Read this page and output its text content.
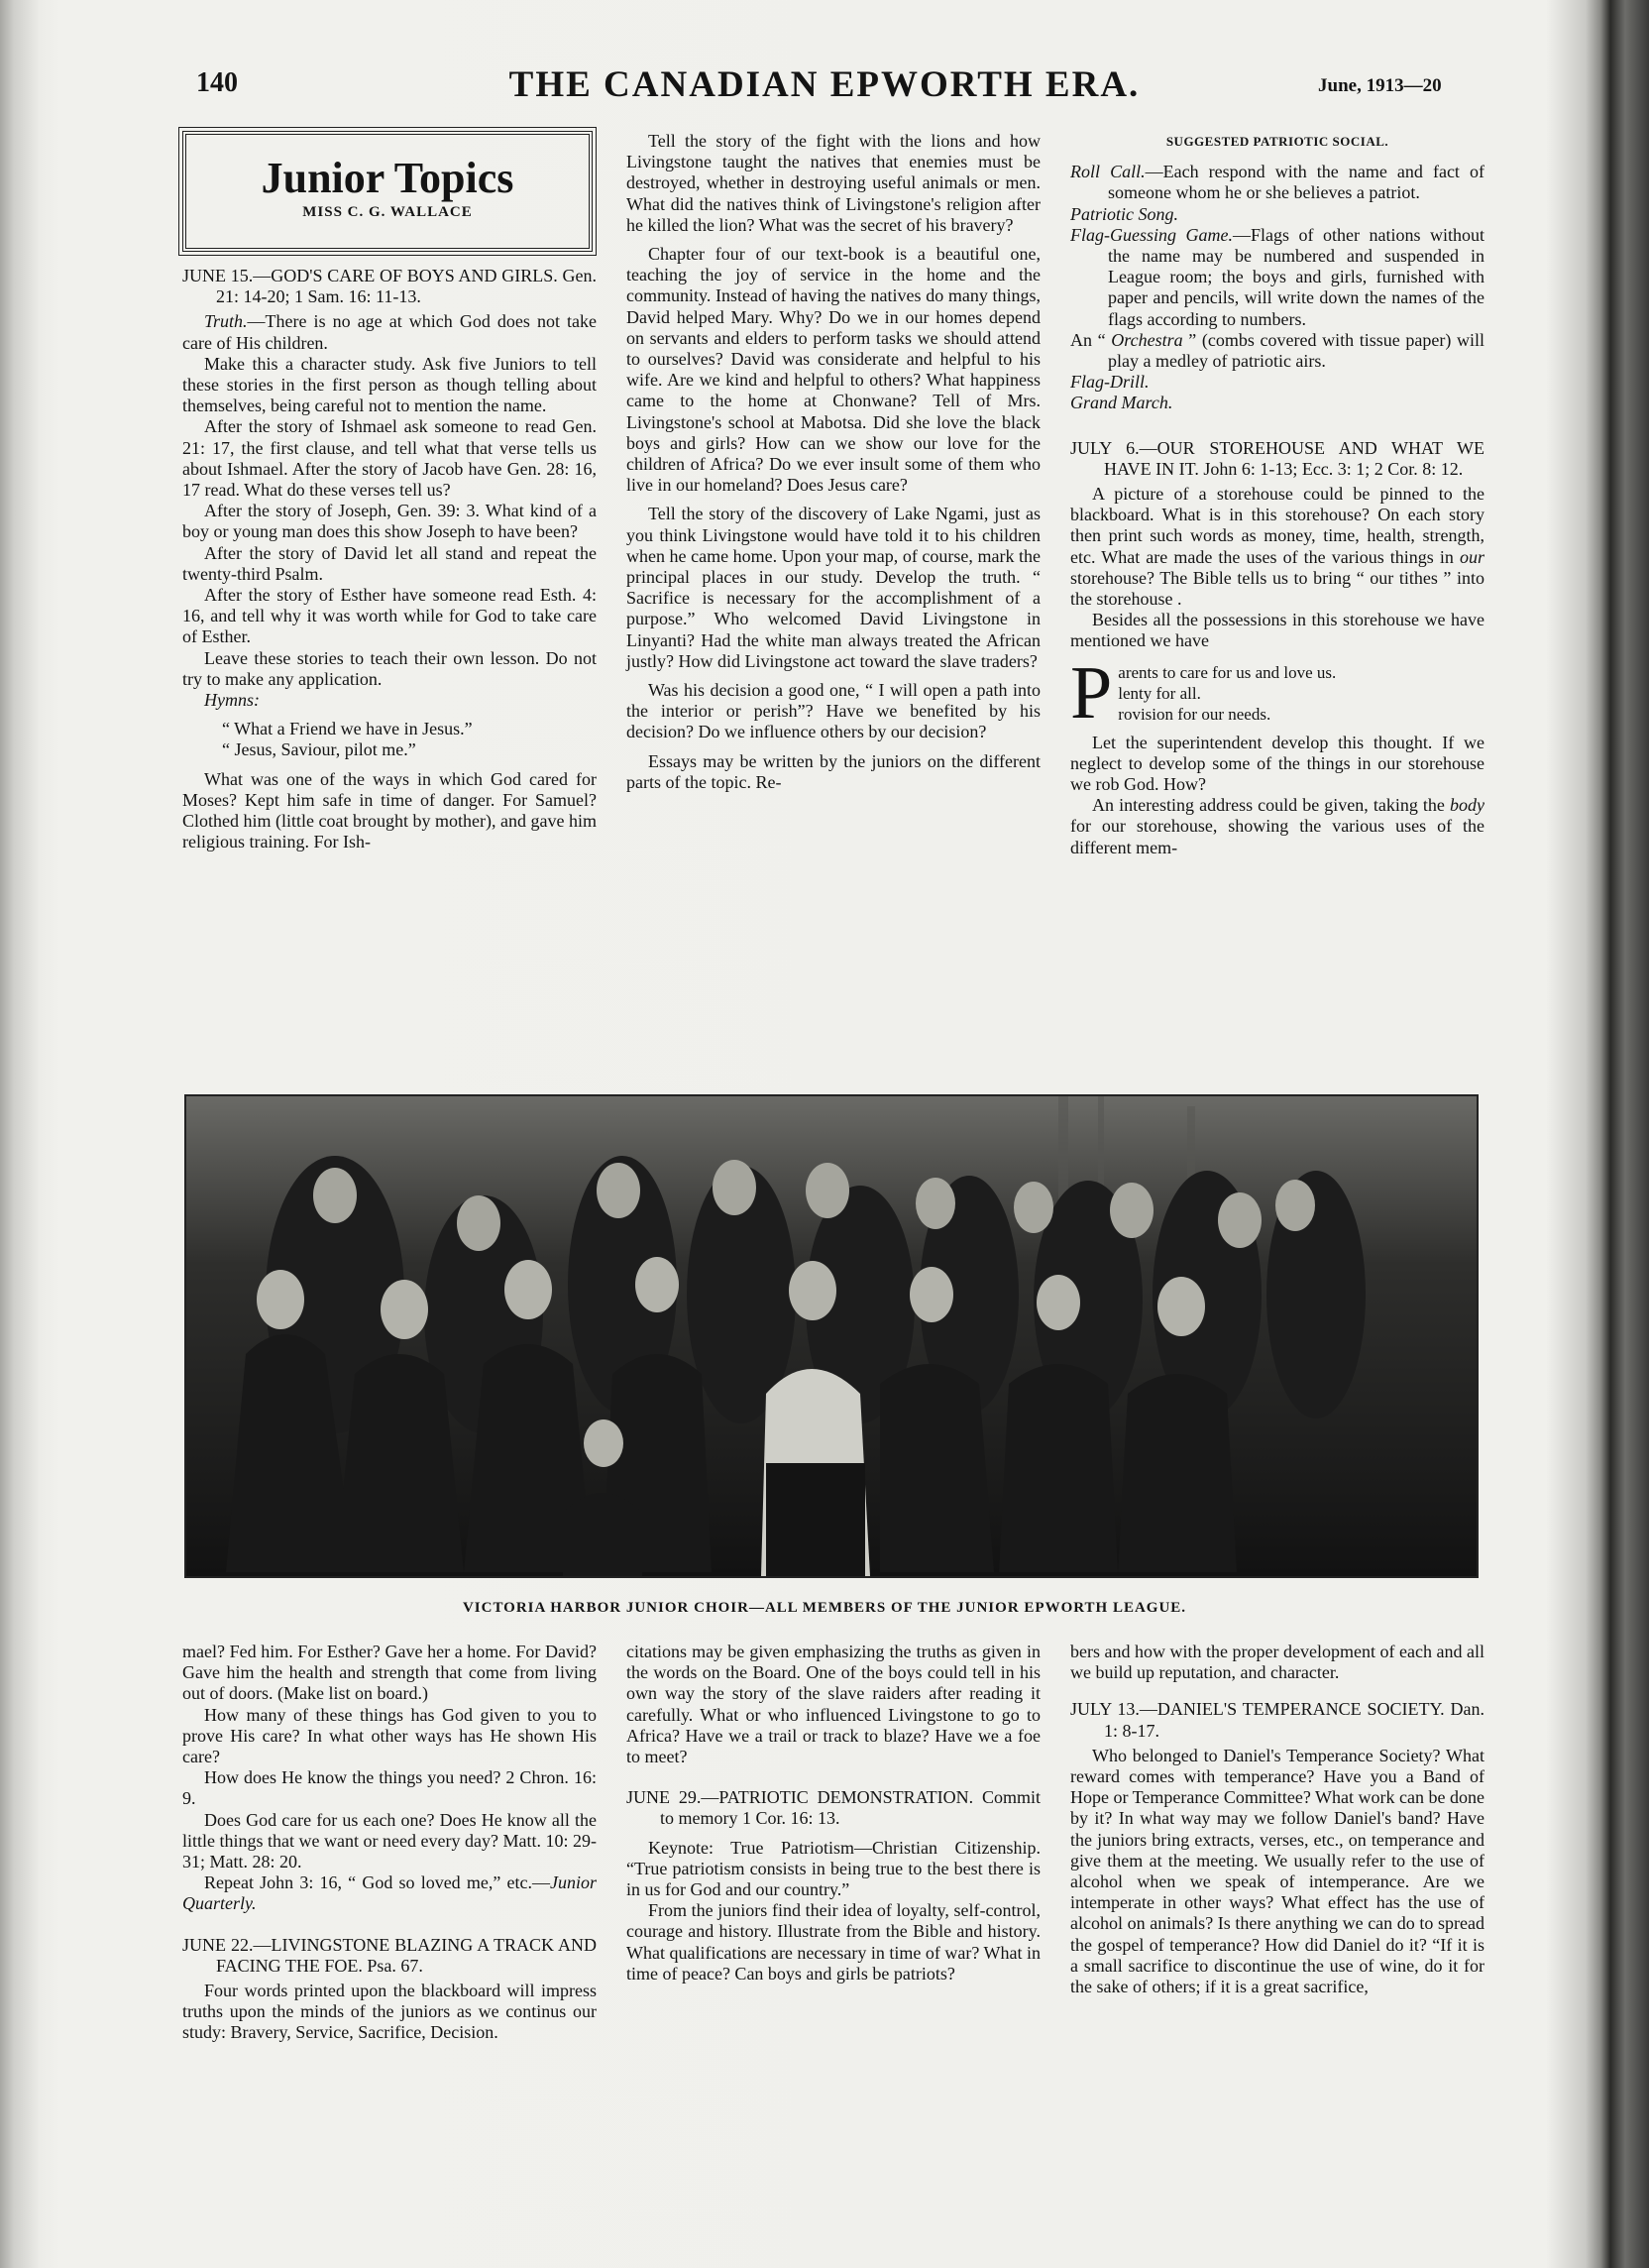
140	THE CANADIAN EPWORTH ERA.	June, 1913—20
Junior Topics
MISS C. G. WALLACE

JUNE 15.—GOD'S CARE OF BOYS AND GIRLS. Gen. 21: 14-20; 1 Sam. 16: 11-13.

Truth.—There is no age at which God does not take care of His children.

Make this a character study. Ask five Juniors to tell these stories in the first person as though telling about themselves, being careful not to mention the name.

After the story of Ishmael ask someone to read Gen. 21: 17, the first clause, and tell what that verse tells us about Ishmael. After the story of Jacob have Gen. 28: 16, 17 read. What do these verses tell us?

After the story of Joseph, Gen. 39: 3. What kind of a boy or young man does this show Joseph to have been?

After the story of David let all stand and repeat the twenty-third Psalm.

After the story of Esther have someone read Esth. 4: 16, and tell why it was worth while for God to take care of Esther.

Leave these stories to teach their own lesson. Do not try to make any application.

Hymns:

“ What a Friend we have in Jesus.”

“ Jesus, Saviour, pilot me.”

What was one of the ways in which God cared for Moses? Kept him safe in time of danger. For Samuel? Clothed him (little coat brought by mother), and gave him religious training. For Ish-

Tell the story of the fight with the lions and how Livingstone taught the natives that enemies must be destroyed, whether in destroying useful animals or men. What did the natives think of Livingstone's religion after he killed the lion? What was the secret of his bravery?

Chapter four of our text-book is a beautiful one, teaching the joy of service in the home and the community. Instead of having the natives do many things, David helped Mary. Why? Do we in our homes depend on servants and elders to perform tasks we should attend to ourselves? David was considerate and helpful to his wife. Are we kind and helpful to others? What happiness came to the home at Chonwane? Tell of Mrs. Livingstone's school at Mabotsa. Did she love the black boys and girls? How can we show our love for the children of Africa? Do we ever insult some of them who live in our homeland? Does Jesus care?

Tell the story of the discovery of Lake Ngami, just as you think Livingstone would have told it to his children when he came home. Upon your map, of course, mark the principal places in our study. Develop the truth. “ Sacrifice is necessary for the accomplishment of a purpose.” Who welcomed David Livingstone in Linyanti? Had the white man always treated the African justly? How did Livingstone act toward the slave traders?

Was his decision a good one, “ I will open a path into the interior or perish”? Have we benefited by his decision? Do we influence others by our decision?

Essays may be written by the juniors on the different parts of the topic. Re-

SUGGESTED PATRIOTIC SOCIAL.

Roll Call.—Each respond with the name and fact of someone whom he or she believes a patriot.

Patriotic Song.

Flag-Guessing Game.—Flags of other nations without the name may be numbered and suspended in League room; the boys and girls, furnished with paper and pencils, will write down the names of the flags according to numbers.

An “ Orchestra ” (combs covered with tissue paper) will play a medley of patriotic airs.

Flag-Drill.

Grand March.

JULY 6.—OUR STOREHOUSE AND WHAT WE HAVE IN IT. John 6: 1-13; Ecc. 3: 1; 2 Cor. 8: 12.

A picture of a storehouse could be pinned to the blackboard. What is in this storehouse? On each story then print such words as money, time, health, strength, etc. What are made the uses of the various things in our storehouse? The Bible tells us to bring “ our tithes ” into the storehouse .

Besides all the possessions in this storehouse we have mentioned we have

P arents to care for us and love us.
lenty for all.
rovision for our needs.

Let the superintendent develop this thought. If we neglect to develop some of the things in our storehouse we rob God. How?

An interesting address could be given, taking the body for our storehouse, showing the various uses of the different mem-

VICTORIA HARBOR JUNIOR CHOIR—ALL MEMBERS OF THE JUNIOR EPWORTH LEAGUE.

mael? Fed him. For Esther? Gave her a home. For David? Gave him the health and strength that come from living out of doors. (Make list on board.)

How many of these things has God given to you to prove His care? In what other ways has He shown His care?

How does He know the things you need? 2 Chron. 16: 9.

Does God care for us each one? Does He know all the little things that we want or need every day? Matt. 10: 29-31; Matt. 28: 20.

Repeat John 3: 16, “ God so loved me,” etc.—Junior Quarterly.

JUNE 22.—LIVINGSTONE BLAZING A TRACK AND FACING THE FOE. Psa. 67.

Four words printed upon the blackboard will impress truths upon the minds of the juniors as we continus our study: Bravery, Service, Sacrifice, Decision.

citations may be given emphasizing the truths as given in the words on the Board. One of the boys could tell in his own way the story of the slave raiders after reading it carefully. What or who influenced Livingstone to go to Africa? Have we a trail or track to blaze? Have we a foe to meet?

JUNE 29.—PATRIOTIC DEMONSTRATION. Commit to memory 1 Cor. 16: 13.

Keynote: True Patriotism—Christian Citizenship. “True patriotism consists in being true to the best there is in us for God and our country.”

From the juniors find their idea of loyalty, self-control, courage and history. Illustrate from the Bible and history. What qualifications are necessary in time of war? What in time of peace? Can boys and girls be patriots?

bers and how with the proper development of each and all we build up reputation, and character.

JULY 13.—DANIEL'S TEMPERANCE SOCIETY. Dan. 1: 8-17.

Who belonged to Daniel's Temperance Society? What reward comes with temperance? Have you a Band of Hope or Temperance Committee? What work can be done by it? In what way may we follow Daniel's band? Have the juniors bring extracts, verses, etc., on temperance and give them at the meeting. We usually refer to the use of alcohol when we speak of intemperance. Are we intemperate in other ways? What effect has the use of alcohol on animals? Is there anything we can do to spread the gospel of temperance? How did Daniel do it? “If it is a small sacrifice to discontinue the use of wine, do it for the sake of others; if it is a great sacrifice,
